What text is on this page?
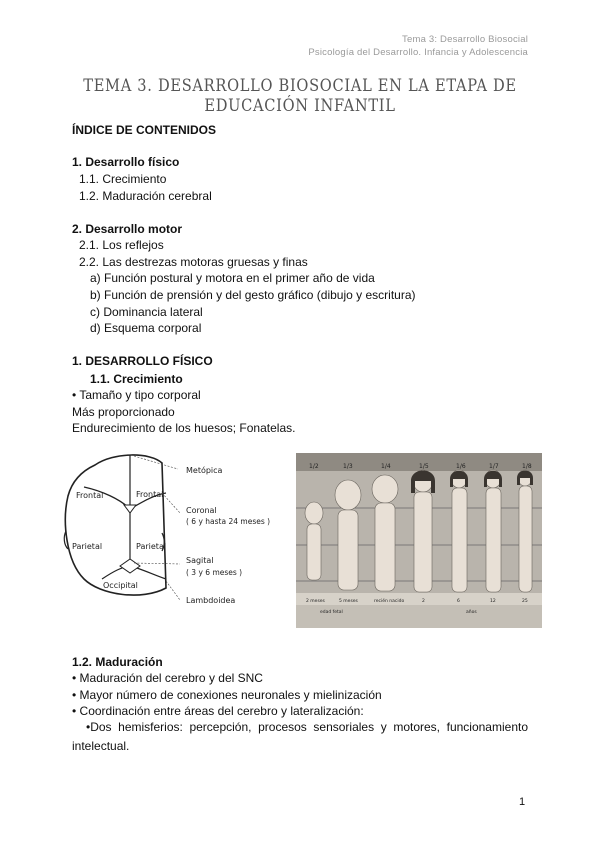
Tema 3: Desarrollo Biosocial
Psicología del Desarrollo. Infancia y Adolescencia
TEMA 3. DESARROLLO BIOSOCIAL EN LA ETAPA DE EDUCACIÓN INFANTIL
ÍNDICE DE CONTENIDOS
1. Desarrollo físico
1.1. Crecimiento
1.2. Maduración cerebral
2. Desarrollo motor
2.1. Los reflejos
2.2. Las destrezas motoras gruesas y finas
a) Función postural y motora en el primer año de vida
b) Función de prensión y del gesto gráfico (dibujo y escritura)
c) Dominancia lateral
d) Esquema corporal
1. DESARROLLO FÍSICO
1.1. Crecimiento
• Tamaño y tipo corporal
Más proporcionado
Endurecimiento de los huesos; Fonatelas.
Frontal	Frontal
Parietal	Parietal
Occipital
Metópica
Coronal
( 6 y hasta 24 meses )
Sagital
( 3 y 6 meses )
Lambdoidea
1/2	1/3	1/4	1/5	1/6	1/7	1/8
2 meses	5 meses	recién nacido	2	6	12	25
edad fetal	años
1.2. Maduración
• Maduración del cerebro y del SNC
• Mayor número de conexiones neuronales y mielinización
• Coordinación entre áreas del cerebro y lateralización:
•Dos hemisferios: percepción, procesos sensoriales y motores, funcionamiento intelectual.
1
